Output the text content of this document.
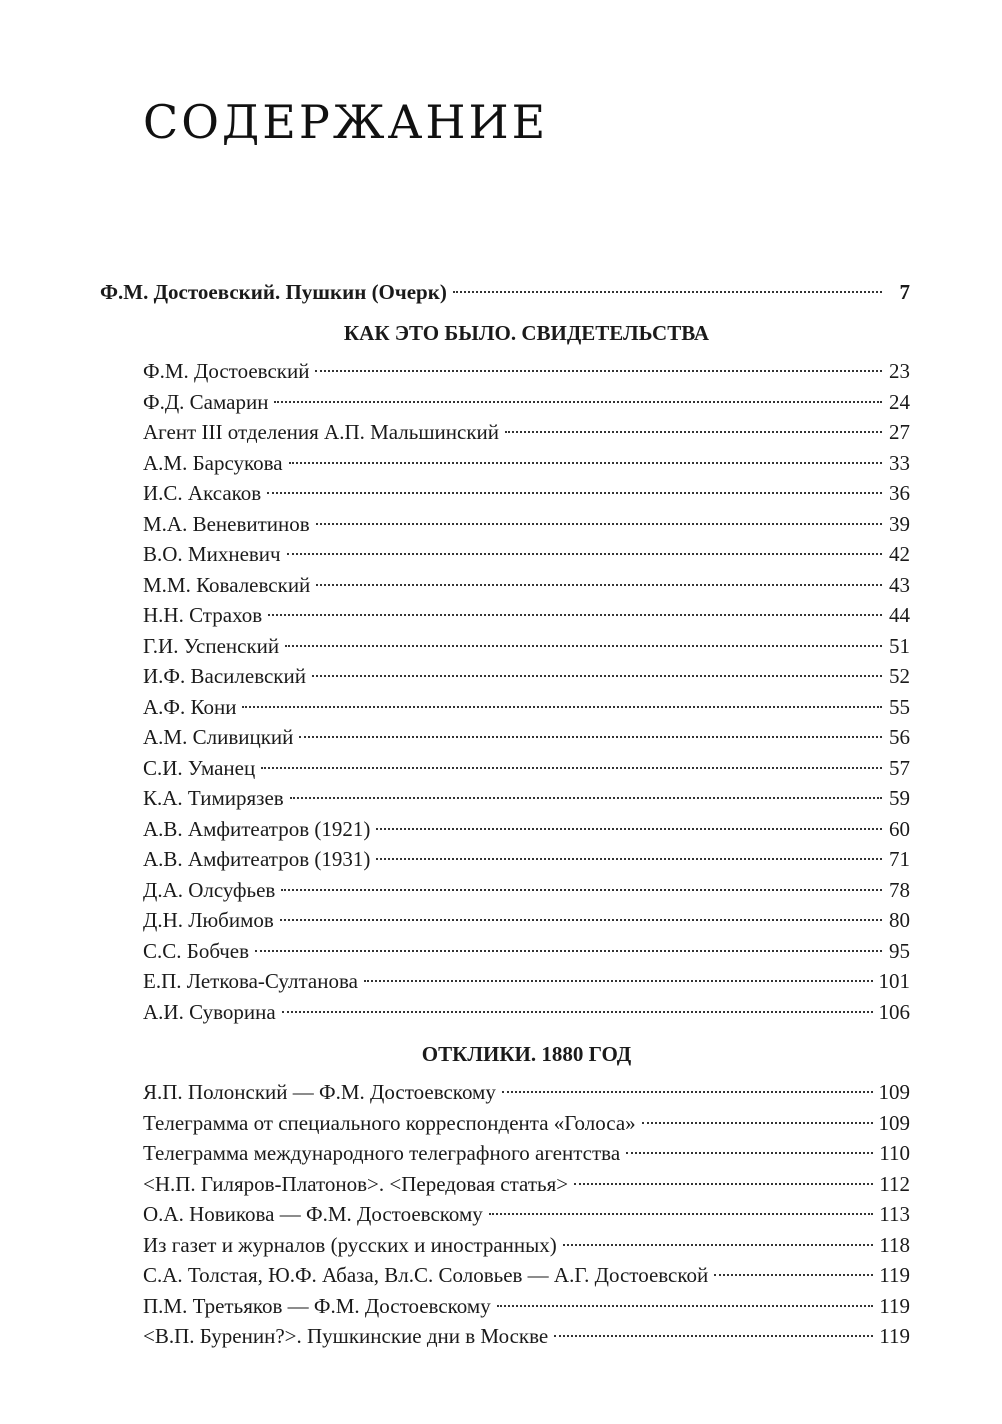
СОДЕРЖАНИЕ
Ф.М. Достоевский. Пушкин (Очерк)	7
КАК ЭТО БЫЛО. СВИДЕТЕЛЬСТВА
Ф.М. Достоевский	23
Ф.Д. Самарин	24
Агент III отделения А.П. Мальшинский	27
А.М. Барсукова	33
И.С. Аксаков	36
М.А. Веневитинов	39
В.О. Михневич	42
М.М. Ковалевский	43
Н.Н. Страхов	44
Г.И. Успенский	51
И.Ф. Василевский	52
А.Ф. Кони	55
А.М. Сливицкий	56
С.И. Уманец	57
К.А. Тимирязев	59
А.В. Амфитеатров (1921)	60
А.В. Амфитеатров (1931)	71
Д.А. Олсуфьев	78
Д.Н. Любимов	80
С.С. Бобчев	95
Е.П. Леткова-Султанова	101
А.И. Суворина	106
ОТКЛИКИ. 1880 ГОД
Я.П. Полонский — Ф.М. Достоевскому	109
Телеграмма от специального корреспондента «Голоса»	109
Телеграмма международного телеграфного агентства	110
<Н.П. Гиляров-Платонов>. <Передовая статья>	112
О.А. Новикова — Ф.М. Достоевскому	113
Из газет и журналов (русских и иностранных)	118
С.А. Толстая, Ю.Ф. Абаза, Вл.С. Соловьев — А.Г. Достоевской	119
П.М. Третьяков — Ф.М. Достоевскому	119
<В.П. Буренин?>. Пушкинские дни в Москве	119
